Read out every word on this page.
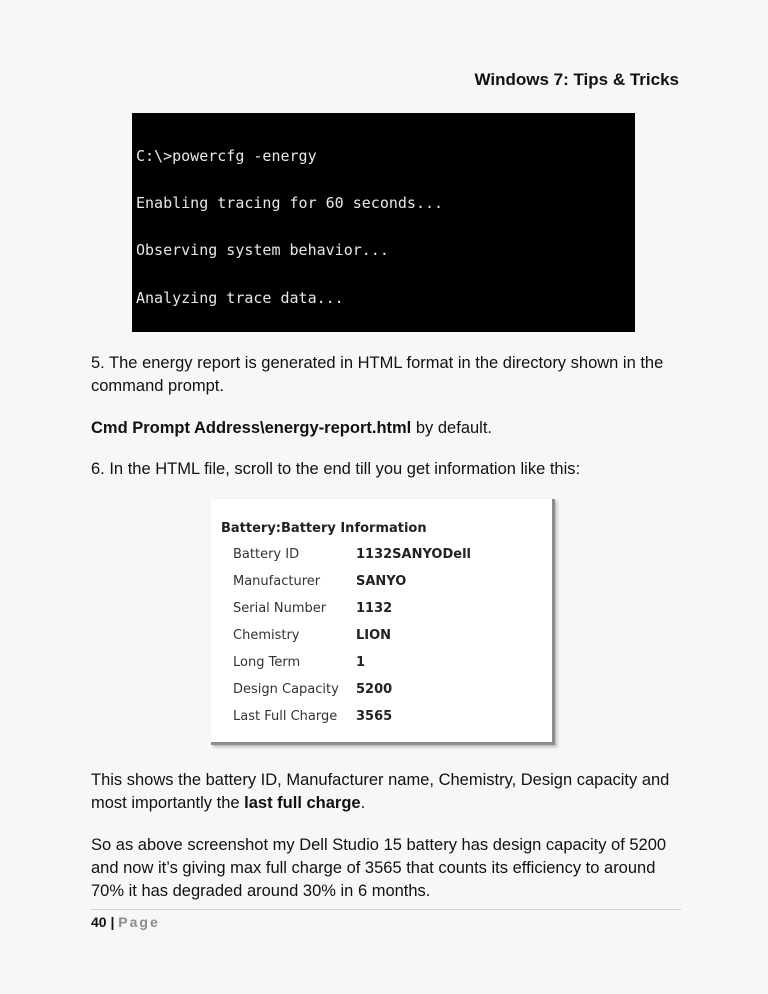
Windows 7: Tips & Tricks

C:\>powercfg -energy

Enabling tracing for 60 seconds...

Observing system behavior...

Analyzing trace data...

5. The energy report is generated in HTML format in the directory shown in the command prompt.
Cmd Prompt Address\energy-report.html by default.
6. In the HTML file, scroll to the end till you get information like this:
Battery:Battery Information
Battery ID	1132SANYODell
Manufacturer	SANYO
Serial Number 1132
Chemistry	LION
Long Term	1
Design Capacity 5200
Last Full Charge 3565
This shows the battery ID, Manufacturer name, Chemistry, Design capacity and most importantly the last full charge.
So as above screenshot my Dell Studio 15 battery has design capacity of 5200 and now it’s giving max full charge of 3565 that counts its efficiency to around 70% it has degraded around 30% in 6 months.
40 | Page
